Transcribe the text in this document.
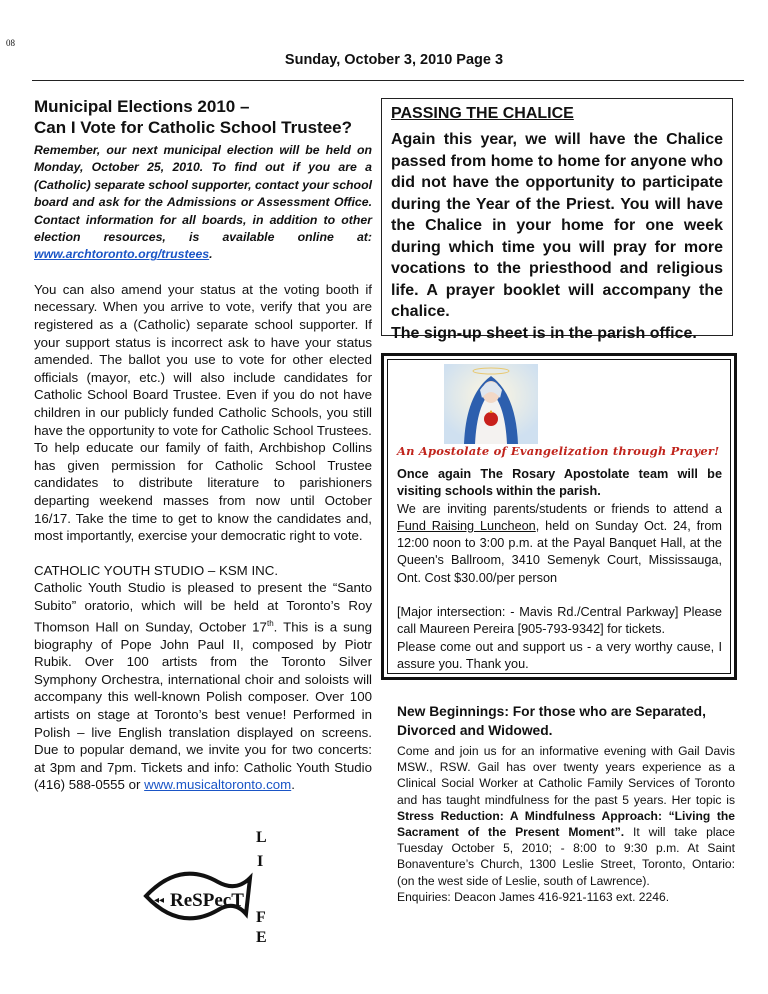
08
Sunday, October 3, 2010 Page 3
Municipal Elections 2010 –
Can I Vote for Catholic School Trustee?
Remember, our next municipal election will be held on Monday, October 25, 2010. To find out if you are a (Catholic) separate school supporter, contact your school board and ask for the Admissions or Assessment Office. Contact information for all boards, in addition to other election resources, is available online at: www.archtoronto.org/trustees.
You can also amend your status at the voting booth if necessary. When you arrive to vote, verify that you are registered as a (Catholic) separate school supporter. If your support status is incorrect ask to have your status amended. The ballot you use to vote for other elected officials (mayor, etc.) will also include candidates for Catholic School Board Trustee. Even if you do not have children in our publicly funded Catholic Schools, you still have the opportunity to vote for Catholic School Trustees.
To help educate our family of faith, Archbishop Collins has given permission for Catholic School Trustee candidates to distribute literature to parishioners departing weekend masses from now until October 16/17. Take the time to get to know the candidates and, most importantly, exercise your democratic right to vote.
CATHOLIC YOUTH STUDIO – KSM INC.
Catholic Youth Studio is pleased to present the “Santo Subito” oratorio, which will be held at Toronto’s Roy Thomson Hall on Sunday, October 17th. This is a sung biography of Pope John Paul II, composed by Piotr Rubik. Over 100 artists from the Toronto Silver Symphony Orchestra, international choir and soloists will accompany this well-known Polish composer. Over 100 artists on stage at Toronto’s best venue! Performed in Polish – live English translation displayed on screens. Due to popular demand, we invite you for two concerts: at 3pm and 7pm. Tickets and info: Catholic Youth Studio (416) 588-0555 or www.musicaltoronto.com.
PASSING THE CHALICE
Again this year, we will have the Chalice passed from home to home for anyone who did not have the opportunity to participate during the Year of the Priest. You will have the Chalice in your home for one week during which time you will pray for more vocations to the priesthood and religious life. A prayer booklet will accompany the chalice.
The sign-up sheet is in the parish office.
An Apostolate of Evangelization through Prayer!
Once again The Rosary Apostolate team will be visiting schools within the parish.
We are inviting parents/students or friends to attend a Fund Raising Luncheon, held on Sunday Oct. 24, from 12:00 noon to 3:00 p.m. at the Payal Banquet Hall, at the Queen's Ballroom, 3410 Semenyk Court, Mississauga, Ont. Cost $30.00/per person
[Major intersection: - Mavis Rd./Central Parkway] Please call Maureen Pereira [905-793-9342] for tickets.
Please come out and support us - a very worthy cause, I assure you. Thank you.
New Beginnings: For those who are Separated, Divorced and Widowed.
Come and join us for an informative evening with Gail Davis MSW., RSW. Gail has over twenty years experience as a Clinical Social Worker at Catholic Family Services of Toronto and has taught mindfulness for the past 5 years. Her topic is Stress Reduction: A Mindfulness Approach: “Living the Sacrament of the Present Moment”. It will take place Tuesday October 5, 2010; - 8:00 to 9:30 p.m. At Saint Bonaventure’s Church, 1300 Leslie Street, Toronto, Ontario: (on the west side of Leslie, south of Lawrence).
Enquiries: Deacon James 416-921-1163 ext. 2246.
◂◂ ReSPecT
L
I
F
E
